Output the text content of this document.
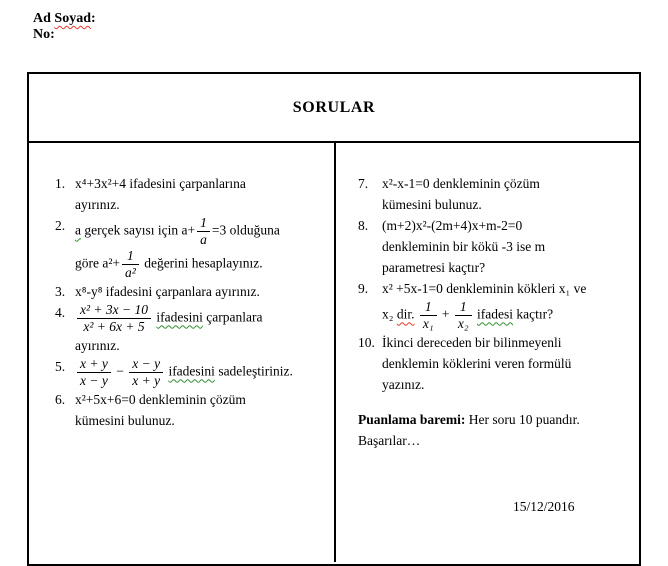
Ad Soyad:
No:
SORULAR
1. x⁴+3x²+4 ifadesini çarpanlarına
ayırınız.
2. a gerçek sayısı için $a+ \frac{1}{a} =3$ olduğuna
göre $a^2+ \frac{1}{\text{a²}}$ değerini hesaplayınız.
3. x⁸-y⁸ ifadesini çarpanlara ayırınız.
4. $\frac{\text{x² + 3x − 10}}{\text{x² + 6x + 5}}$ ifadesini çarpanlara
ayırınız.
5. $\frac{x + y}{x - y} - \frac{x - y}{x + y}$ ifadesini sadeleştiriniz.
6. x²+5x+6=0 denkleminin çözüm
kümesini bulunuz.
7.	x²-x-1=0 denkleminin çözüm
kümesini bulunuz.
8.	(m+2)x²-(2m+4)x+m-2=0
denkleminin bir kökü -3 ise m
parametresi kaçtır?
9.	x² +5x-1=0 denkleminin kökleri x₁ ve
x₂ dir. $\frac{1}{\text{x₁}} + \frac{1}{\text{x₂}}$ ifadesi kaçtır?
10. İkinci dereceden bir bilinmeyenli
denklemin köklerini veren formülü
yazınız.
Puanlama baremi: Her soru 10 puandır.
Başarılar…
15/12/2016
